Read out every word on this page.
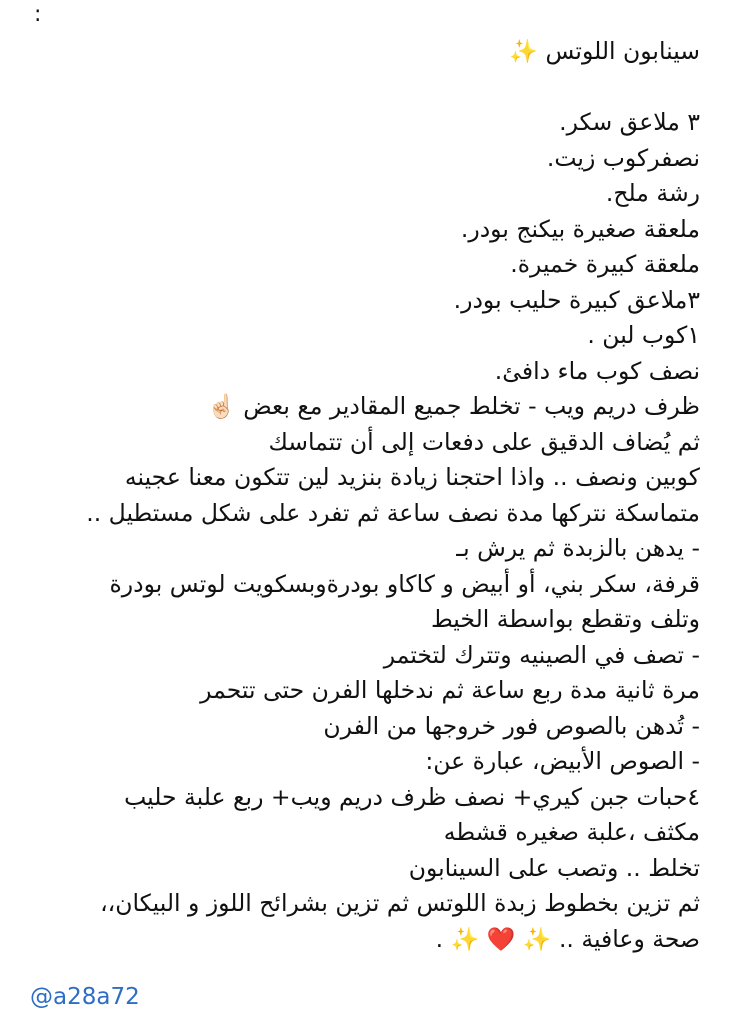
:
سينابون اللوتس ✨
٣ ملاعق سكر.
نصفركوب زيت.
رشة ملح.
ملعقة صغيرة بيكنج بودر.
ملعقة كبيرة خميرة.
٣ملاعق كبيرة حليب بودر.
١كوب لبن .
نصف كوب ماء دافئ.
ظرف دريم ويب - تخلط جميع المقادير مع بعض ☝🏻
ثم يُضاف الدقيق على دفعات إلى أن تتماسك
كوبين ونصف .. واذا احتجنا زيادة بنزيد لين تتكون معنا عجينه
متماسكة نتركها مدة نصف ساعة ثم تفرد على شكل مستطيل ..
- يدهن بالزبدة ثم يرش بـ
قرفة، سكر بني، أو أبيض و كاكاو بودرةوبسكويت لوتس بودرة
وتلف وتقطع بواسطة الخيط
- تصف في الصينيه وتترك لتختمر
مرة ثانية مدة ربع ساعة ثم ندخلها الفرن حتى تتحمر
- تُدهن بالصوص فور خروجها من الفرن
- الصوص الأبيض، عبارة عن:
٤حبات جبن كيري+ نصف ظرف دريم ويب+ ربع علبة حليب
مكثف ،علبة صغيره قشطه
تخلط .. وتصب على السينابون
ثم تزين بخطوط زبدة اللوتس ثم تزين بشرائح اللوز و البيكان،،
صحة وعافية .. ✨ ❤️ ✨ .
@a28a72
